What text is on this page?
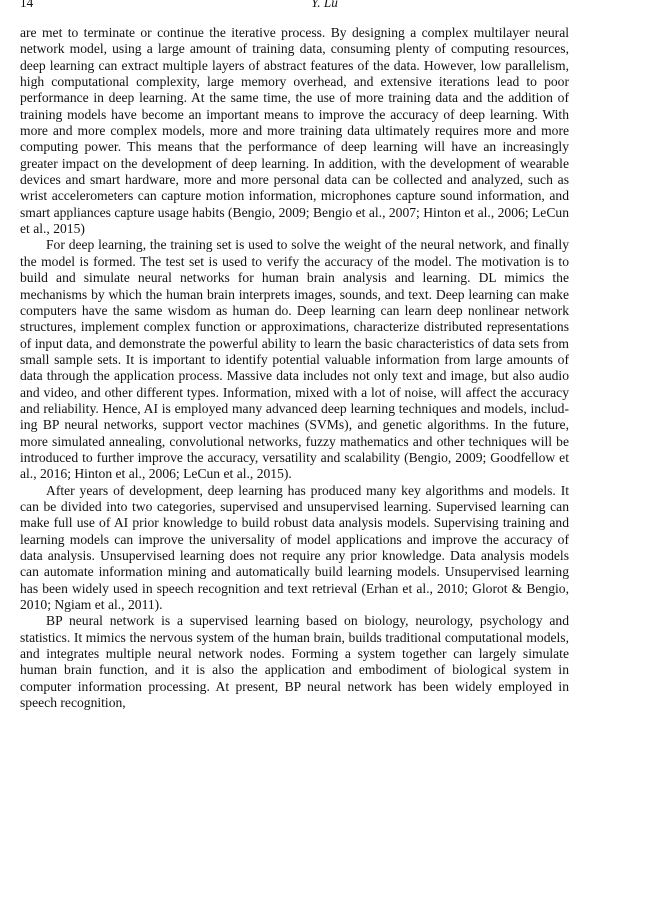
14	Y. Lu

are met to terminate or continue the iterative process. By designing a complex multilayer neural network model, using a large amount of training data, consuming plenty of computing resources, deep learning can extract multiple layers of abstract features of the data. However, low parallelism, high computational complexity, large memory overhead, and extensive iterations lead to poor performance in deep learning. At the same time, the use of more training data and the addition of training models have become an important means to improve the accuracy of deep learning. With more and more complex models, more and more training data ultimately requires more and more computing power. This means that the performance of deep learning will have an increasingly greater impact on the development of deep learning. In addition, with the development of wearable devices and smart hardware, more and more personal data can be collected and analyzed, such as wrist accelerometers can capture motion information, microphones capture sound information, and smart appliances capture usage habits (Bengio, 2009; Bengio et al., 2007; Hinton et al., 2006; LeCun et al., 2015)

For deep learning, the training set is used to solve the weight of the neural network, and finally the model is formed. The test set is used to verify the accuracy of the model. The motivation is to build and simulate neural networks for human brain analysis and learning. DL mimics the mechanisms by which the human brain interprets images, sounds, and text. Deep learning can make computers have the same wisdom as human do. Deep learning can learn deep nonlinear network structures, implement complex function or approximations, characterize distributed representations of input data, and demonstrate the powerful ability to learn the basic characteristics of data sets from small sample sets. It is important to identify potential valuable information from large amounts of data through the application process. Massive data includes not only text and image, but also audio and video, and other different types. Information, mixed with a lot of noise, will affect the accuracy and reliability. Hence, AI is employed many advanced deep learning techniques and models, including BP neural networks, support vector machines (SVMs), and genetic algorithms. In the future, more simulated annealing, convolutional networks, fuzzy mathematics and other techniques will be introduced to further improve the accuracy, versatility and scalability (Bengio, 2009; Goodfellow et al., 2016; Hinton et al., 2006; LeCun et al., 2015).

After years of development, deep learning has produced many key algorithms and models. It can be divided into two categories, supervised and unsupervised learning. Supervised learning can make full use of AI prior knowledge to build robust data analysis models. Supervising training and learning models can improve the universality of model applications and improve the accuracy of data analysis. Unsupervised learning does not require any prior knowledge. Data analysis models can automate information mining and automatically build learning models. Unsupervised learning has been widely used in speech recognition and text retrieval (Erhan et al., 2010; Glorot & Bengio, 2010; Ngiam et al., 2011).

BP neural network is a supervised learning based on biology, neurology, psychology and statistics. It mimics the nervous system of the human brain, builds traditional computational models, and integrates multiple neural network nodes. Forming a system together can largely simulate human brain function, and it is also the application and embodiment of biological system in computer information processing. At present, BP neural network has been widely employed in speech recognition,
